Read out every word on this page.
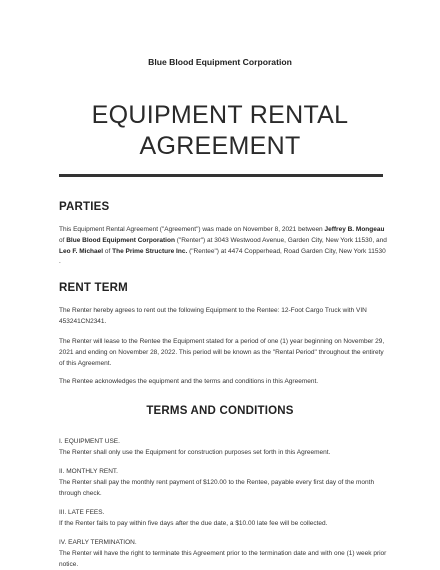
Blue Blood Equipment Corporation
EQUIPMENT RENTAL
AGREEMENT
PARTIES

This Equipment Rental Agreement ("Agreement") was made on November 8, 2021 between Jeffrey B. Mongeau of Blue Blood Equipment Corporation ("Renter") at 3043 Westwood Avenue, Garden City, New York 11530, and Leo F. Michael of The Prime Structure Inc. ("Rentee") at 4474 Copperhead, Road Garden City, New York 11530 .

RENT TERM

The Renter hereby agrees to rent out the following Equipment to the Rentee: 12-Foot Cargo Truck with VIN 453241CN2341.

The Renter will lease to the Rentee the Equipment stated for a period of one (1) year beginning on November 29, 2021 and ending on November 28, 2022. This period will be known as the "Rental Period" throughout the entirety of this Agreement.

The Rentee acknowledges the equipment and the terms and conditions in this Agreement.

TERMS AND CONDITIONS
I. EQUIPMENT USE.
The Renter shall only use the Equipment for construction purposes set forth in this Agreement.
II. MONTHLY RENT.
The Renter shall pay the monthly rent payment of $120.00 to the Rentee, payable every first day of the month through check.
III. LATE FEES.
If the Renter fails to pay within five days after the due date, a $10.00 late fee will be collected.
IV. EARLY TERMINATION.
The Renter will have the right to terminate this Agreement prior to the termination date and with one (1) week prior notice.
